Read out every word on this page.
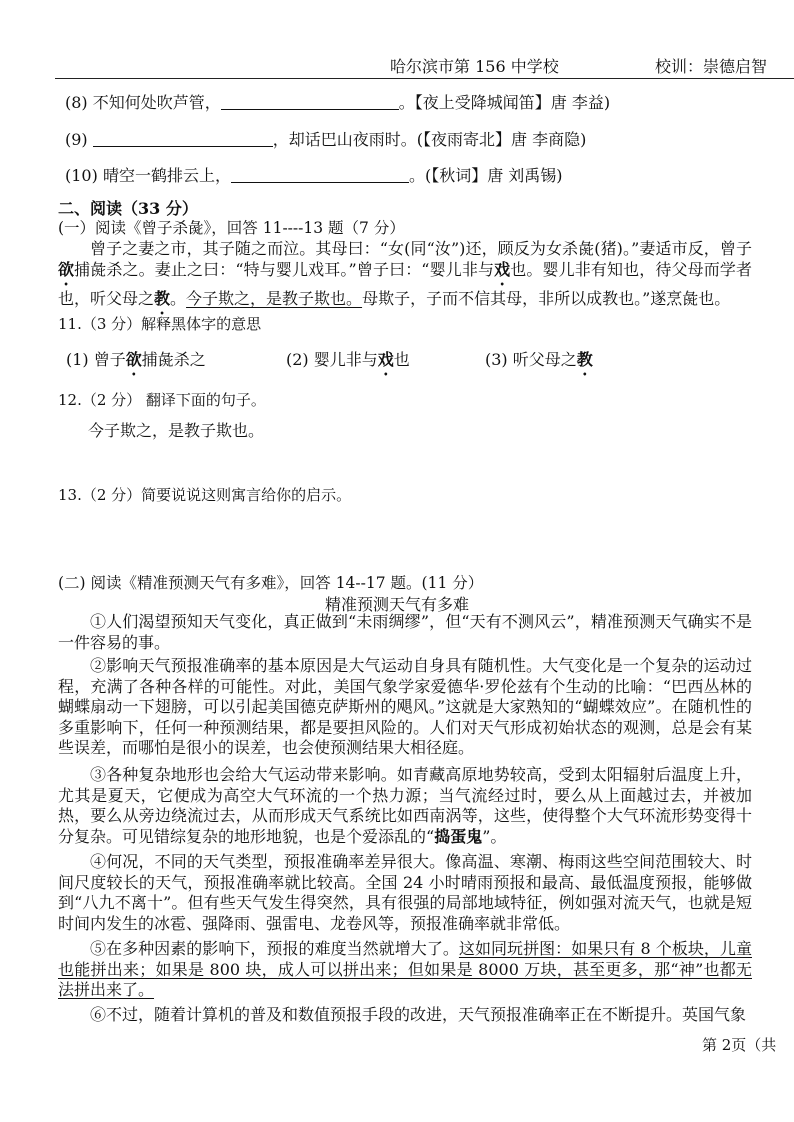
哈尔滨市第 156 中学校	校训：崇德启智
(8) 不知何处吹芦管，	。【夜上受降城闻笛】唐 李益)
(9)	，却话巴山夜雨时。(【夜雨寄北】唐 李商隐)
(10) 晴空一鹤排云上，	。(【秋词】唐 刘禹锡)
二、阅读（33 分）
(一）阅读《曾子杀彘》，回答 11----13 题（7 分）
曾子之妻之市，其子随之而泣。其母曰：“女(同“汝”)还，顾反为女杀彘(猪)。”妻适市反，曾子欲捕彘杀之。妻止之曰：“特与婴儿戏耳。”曾子曰：“婴儿非与戏也。婴儿非有知也，待父母而学者也，听父母之教。今子欺之，是教子欺也。母欺子，子而不信其母，非所以成教也。”遂烹彘也。
11.（3 分）解释黑体字的意思
(1) 曾子欲捕彘杀之	(2) 婴儿非与戏也	(3) 听父母之教
12.（2 分） 翻译下面的句子。
今子欺之，是教子欺也。
13.（2 分）简要说说这则寓言给你的启示。
(二) 阅读《精准预测天气有多难》，回答 14--17 题。(11 分）
精准预测天气有多难
①人们渴望预知天气变化，真正做到“未雨绸缪”，但“天有不测风云”，精准预测天气确实不是一件容易的事。
②影响天气预报准确率的基本原因是大气运动自身具有随机性。大气变化是一个复杂的运动过程，充满了各种各样的可能性。对此，美国气象学家爱德华·罗伦兹有个生动的比喻：“巴西丛林的蝴蝶扇动一下翅膀，可以引起美国德克萨斯州的飓风。”这就是大家熟知的“蝴蝶效应”。在随机性的多重影响下，任何一种预测结果，都是要担风险的。人们对天气形成初始状态的观测，总是会有某些误差，而哪怕是很小的误差，也会使预测结果大相径庭。
③各种复杂地形也会给大气运动带来影响。如青藏高原地势较高，受到太阳辐射后温度上升，尤其是夏天，它便成为高空大气环流的一个热力源；当气流经过时，要么从上面越过去，并被加热，要么从旁边绕流过去，从而形成天气系统比如西南涡等，这些，使得整个大气环流形势变得十分复杂。可见错综复杂的地形地貌，也是个爱添乱的“捣蛋鬼”。
④何况，不同的天气类型，预报准确率差异很大。像高温、寒潮、梅雨这些空间范围较大、时间尺度较长的天气，预报准确率就比较高。全国 24 小时晴雨预报和最高、最低温度预报，能够做到“八九不离十”。但有些天气发生得突然，具有很强的局部地域特征，例如强对流天气，也就是短时间内发生的冰雹、强降雨、强雷电、龙卷风等，预报准确率就非常低。
⑤在多种因素的影响下，预报的难度当然就增大了。这如同玩拼图：如果只有 8 个板块，儿童也能拼出来；如果是 800 块，成人可以拼出来；但如果是 8000 万块，甚至更多，那“神”也都无法拼出来了。
⑥不过，随着计算机的普及和数值预报手段的改进，天气预报准确率正在不断提升。英国气象
第 2页（共
